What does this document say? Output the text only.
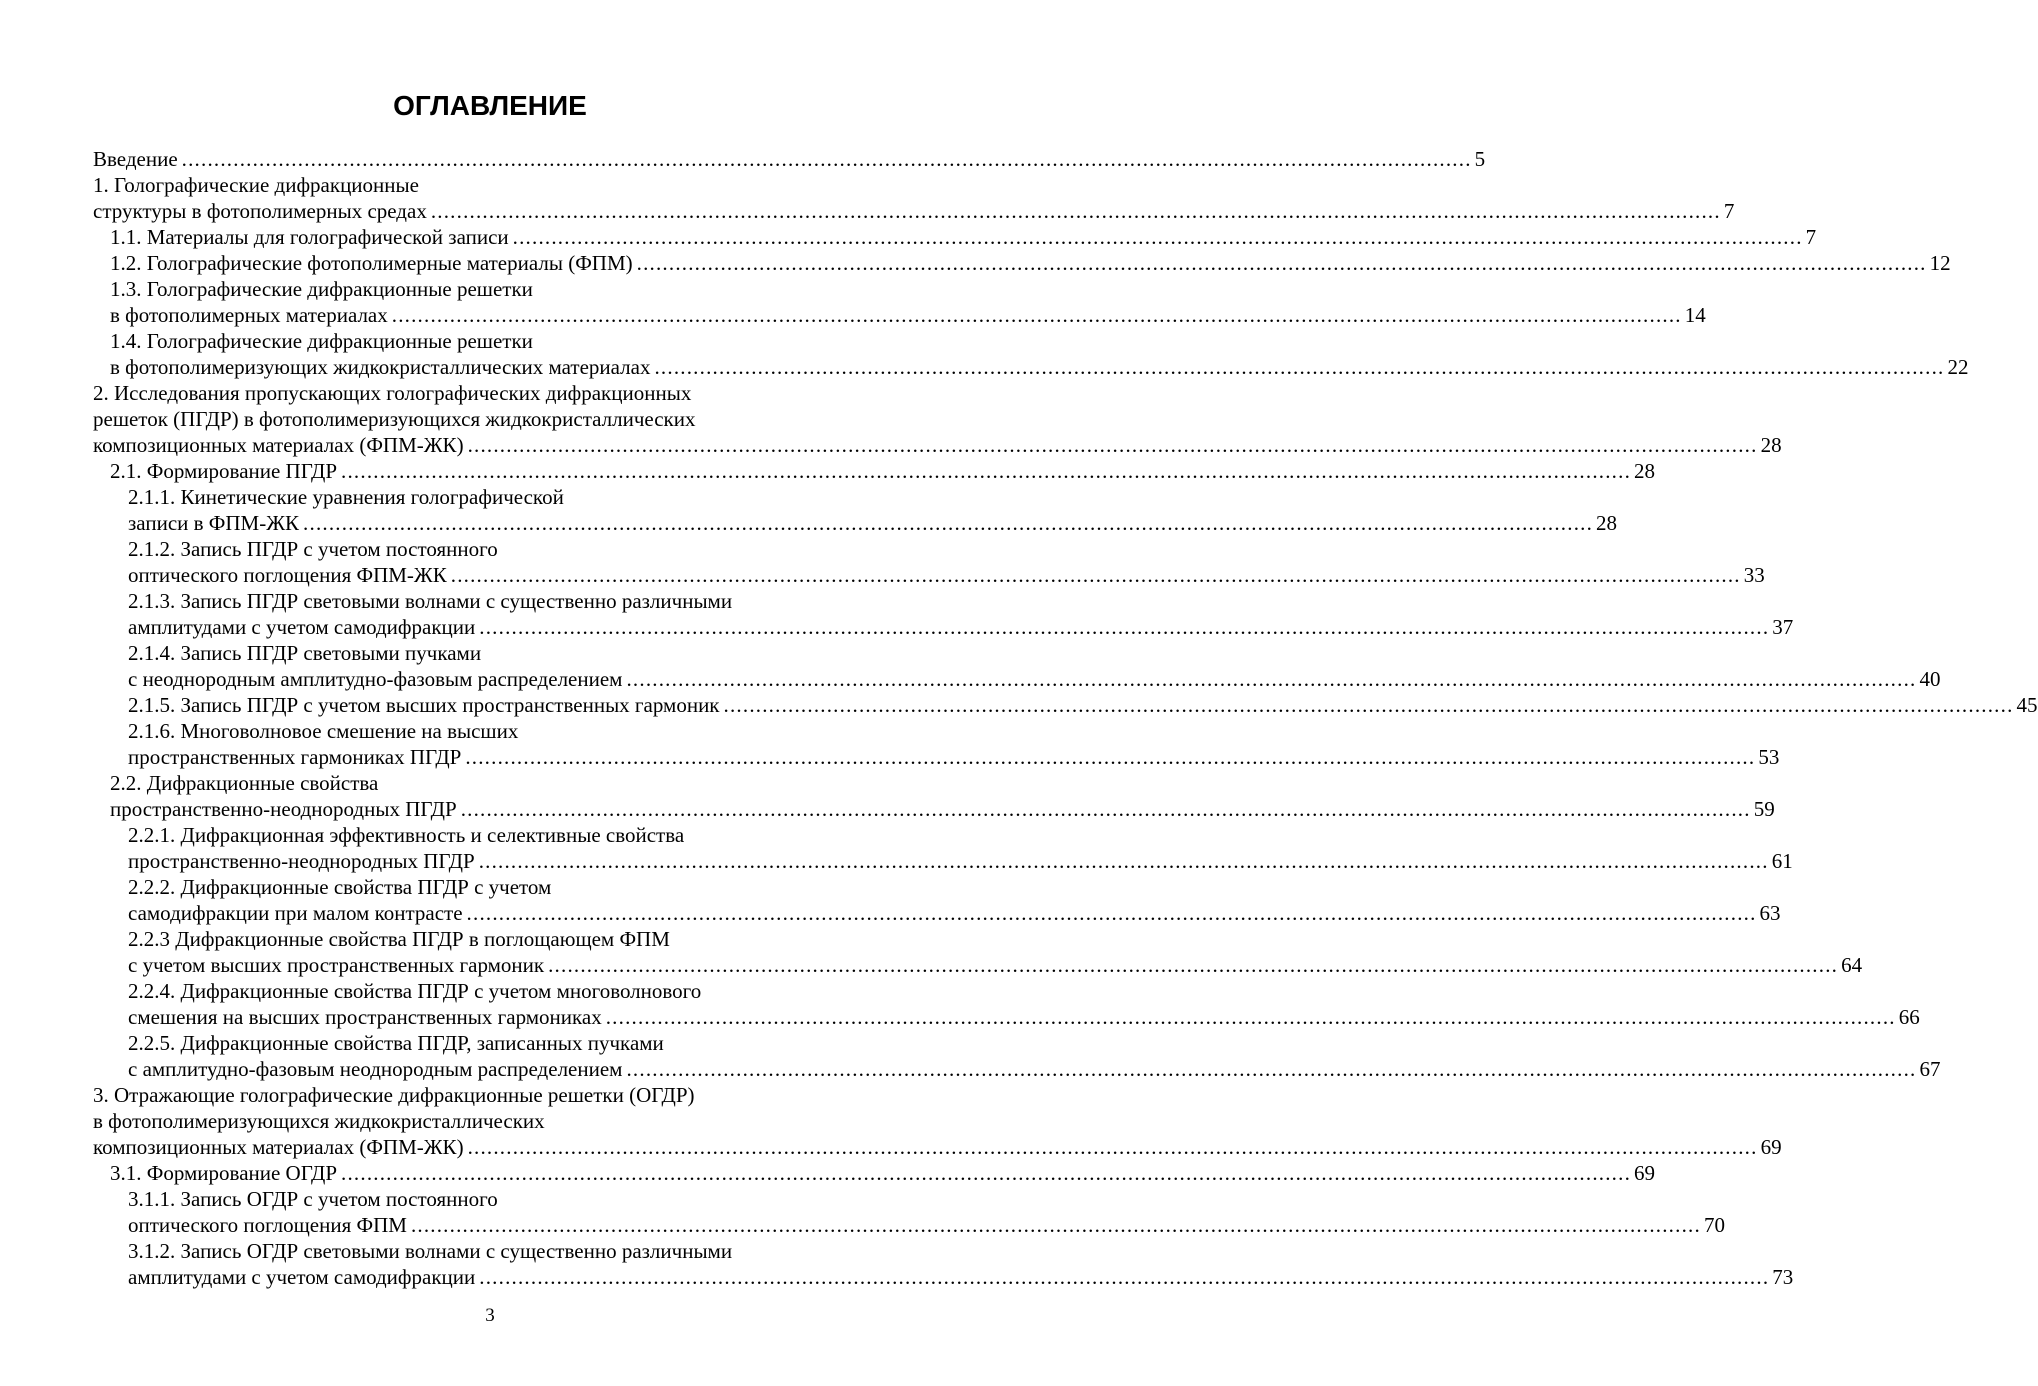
ОГЛАВЛЕНИЕ
Введение ........................................................................................................................................................................................................ 5
1. Голографические дифракционные
структуры в фотополимерных средах ........................................................................................................................................................................................................ 7
1.1. Материалы для голографической записи ........................................................................................................................................................................................................ 7
1.2. Голографические фотополимерные материалы (ФПМ) ........................................................................................................................................................................................................ 12
1.3. Голографические дифракционные решетки
в фотополимерных материалах ........................................................................................................................................................................................................ 14
1.4. Голографические дифракционные решетки
в фотополимеризующих жидкокристаллических материалах ........................................................................................................................................................................................................ 22
2. Исследования пропускающих голографических дифракционных
решеток (ПГДР) в фотополимеризующихся жидкокристаллических
композиционных материалах (ФПМ-ЖК) ........................................................................................................................................................................................................ 28
2.1. Формирование ПГДР ........................................................................................................................................................................................................ 28
2.1.1. Кинетические уравнения голографической
записи в ФПМ-ЖК ........................................................................................................................................................................................................ 28
2.1.2. Запись ПГДР с учетом постоянного
оптического поглощения ФПМ-ЖК ........................................................................................................................................................................................................ 33
2.1.3. Запись ПГДР световыми волнами с существенно различными
амплитудами с учетом самодифракции ........................................................................................................................................................................................................ 37
2.1.4. Запись ПГДР световыми пучками
с неоднородным амплитудно-фазовым распределением ........................................................................................................................................................................................................ 40
2.1.5. Запись ПГДР с учетом высших пространственных гармоник ........................................................................................................................................................................................................ 45
2.1.6. Многоволновое смешение на высших
пространственных гармониках ПГДР ........................................................................................................................................................................................................ 53
2.2. Дифракционные свойства
пространственно-неоднородных ПГДР ........................................................................................................................................................................................................ 59
2.2.1. Дифракционная эффективность и селективные свойства
пространственно-неоднородных ПГДР ........................................................................................................................................................................................................ 61
2.2.2. Дифракционные свойства ПГДР с учетом
самодифракции при малом контрасте ........................................................................................................................................................................................................ 63
2.2.3 Дифракционные свойства ПГДР в поглощающем ФПМ
с учетом высших пространственных гармоник ........................................................................................................................................................................................................ 64
2.2.4. Дифракционные свойства ПГДР с учетом многоволнового
смешения на высших пространственных гармониках ........................................................................................................................................................................................................ 66
2.2.5. Дифракционные свойства ПГДР, записанных пучками
с амплитудно-фазовым неоднородным распределением ........................................................................................................................................................................................................ 67
3. Отражающие голографические дифракционные решетки (ОГДР)
в фотополимеризующихся жидкокристаллических
композиционных материалах (ФПМ-ЖК) ........................................................................................................................................................................................................ 69
3.1. Формирование ОГДР ........................................................................................................................................................................................................ 69
3.1.1. Запись ОГДР с учетом постоянного
оптического поглощения ФПМ ........................................................................................................................................................................................................ 70
3.1.2. Запись ОГДР световыми волнами с существенно различными
амплитудами с учетом самодифракции ........................................................................................................................................................................................................ 73
3
